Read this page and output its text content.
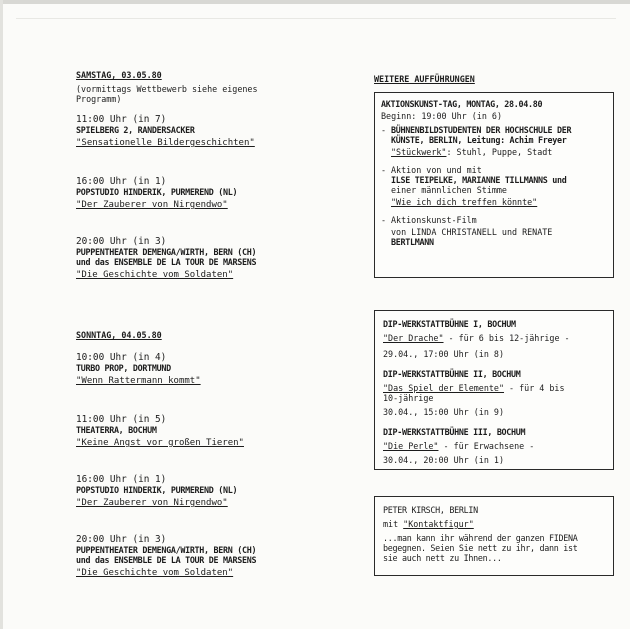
SAMSTAG, 03.05.80
(vormittags Wettbewerb siehe eigenes
Programm)
11:00 Uhr (in 7)
SPIELBERG 2, RANDERSACKER
"Sensationelle Bildergeschichten"
16:00 Uhr (in 1)
POPSTUDIO HINDERIK, PURMEREND (NL)
"Der Zauberer von Nirgendwo"
20:00 Uhr (in 3)
PUPPENTHEATER DEMENGA/WIRTH, BERN (CH)
und das ENSEMBLE DE LA TOUR DE MARSENS
"Die Geschichte vom Soldaten"
SONNTAG, 04.05.80
10:00 Uhr (in 4)
TURBO PROP, DORTMUND
"Wenn Rattermann kommt"
11:00 Uhr (in 5)
THEATERRA, BOCHUM
"Keine Angst vor großen Tieren"
16:00 Uhr (in 1)
POPSTUDIO HINDERIK, PURMEREND (NL)
"Der Zauberer von Nirgendwo"
20:00 Uhr (in 3)
PUPPENTHEATER DEMENGA/WIRTH, BERN (CH)
und das ENSEMBLE DE LA TOUR DE MARSENS
"Die Geschichte vom Soldaten"
WEITERE AUFFÜHRUNGEN
AKTIONSKUNST-TAG, MONTAG, 28.04.80
Beginn: 19:00 Uhr (in 6)
- BÜHNENBILDSTUDENTEN DER HOCHSCHULE DER
KÜNSTE, BERLIN, Leitung: Achim Freyer
"Stückwerk": Stuhl, Puppe, Stadt
- Aktion von und mit
ILSE TEIPELKE, MARIANNE TILLMANNS und
einer männlichen Stimme
"Wie ich dich treffen könnte"
- Aktionskunst-Film
von LINDA CHRISTANELL und RENATE
BERTLMANN
DIP-WERKSTATTBÜHNE I, BOCHUM
"Der Drache" - für 6 bis 12-jährige -
29.04., 17:00 Uhr (in 8)
DIP-WERKSTATTBÜHNE II, BOCHUM
"Das Spiel der Elemente" - für 4 bis
10-jährige
30.04., 15:00 Uhr (in 9)
DIP-WERKSTATTBÜHNE III, BOCHUM
"Die Perle" - für Erwachsene -
30.04., 20:00 Uhr (in 1)
PETER KIRSCH, BERLIN
mit "Kontaktfigur"
...man kann ihr während der ganzen FIDENA
begegnen. Seien Sie nett zu ihr, dann ist
sie auch nett zu Ihnen...
